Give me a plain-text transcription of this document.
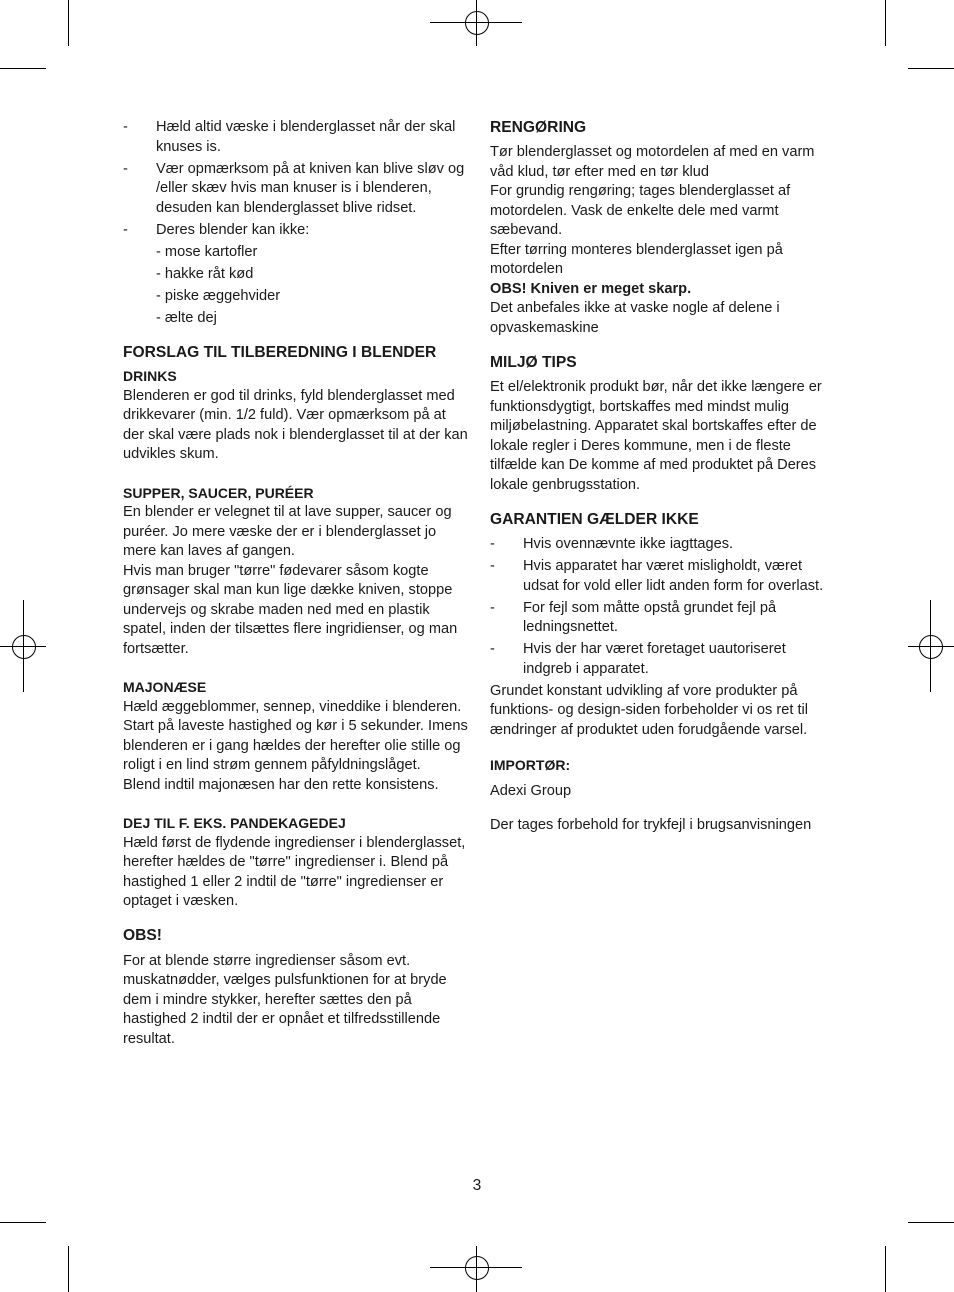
- Hæld altid væske i blenderglasset når der skal knuses is.
- Vær opmærksom på at kniven kan blive sløv og /eller skæv hvis man knuser is i blenderen, desuden kan blenderglasset blive ridset.
- Deres blender kan ikke:
- mose kartofler
- hakke råt kød
- piske æggehvider
- ælte dej
FORSLAG TIL TILBEREDNING I BLENDER
DRINKS

Blenderen er god til drinks, fyld blenderglasset med drikkevarer (min. 1/2 fuld). Vær opmærksom på at der skal være plads nok i blenderglasset til at der kan udvikles skum.

SUPPER, SAUCER, PURÉER

En blender er velegnet til at lave supper, saucer og puréer. Jo mere væske der er i blenderglasset jo mere kan laves af gangen.

Hvis man bruger "tørre" fødevarer såsom kogte grønsager skal man kun lige dække kniven, stoppe undervejs og skrabe maden ned med en plastik spatel, inden der tilsættes flere ingridienser, og man fortsætter.

MAJONÆSE

Hæld æggeblommer, sennep, vineddike i blenderen. Start på laveste hastighed og kør i 5 sekunder. Imens blenderen er i gang hældes der herefter olie stille og roligt i en lind strøm gennem påfyldningslåget.

Blend indtil majonæsen har den rette konsistens.

DEJ TIL F. EKS. PANDEKAGEDEJ

Hæld først de flydende ingredienser i blenderglasset, herefter hældes de "tørre" ingredienser i. Blend på hastighed 1 eller 2 indtil de "tørre" ingredienser er optaget i væsken.

OBS!

For at blende større ingredienser såsom evt. muskatnødder, vælges pulsfunktionen for at bryde dem i mindre stykker, herefter sættes den på hastighed 2 indtil der er opnået et tilfredsstillende resultat.

RENGØRING

Tør blenderglasset og motordelen af med en varm våd klud, tør efter med en tør klud

For grundig rengøring; tages blenderglasset af motordelen. Vask de enkelte dele med varmt sæbevand.

Efter tørring monteres blenderglasset igen på motordelen

OBS! Kniven er meget skarp.

Det anbefales ikke at vaske nogle af delene i opvaskemaskine

MILJØ TIPS

Et el/elektronik produkt bør, når det ikke længere er funktionsdygtigt, bortskaffes med mindst mulig miljøbelastning. Apparatet skal bortskaffes efter de lokale regler i Deres kommune, men i de fleste tilfælde kan De komme af med produktet på Deres lokale genbrugsstation.

GARANTIEN GÆLDER IKKE
- Hvis ovennævnte ikke iagttages.
- Hvis apparatet har været misligholdt, været udsat for vold eller lidt anden form for overlast.
- For fejl som måtte opstå grundet fejl på ledningsnettet.
- Hvis der har været foretaget uautoriseret indgreb i apparatet.

Grundet konstant udvikling af vore produkter på funktions- og design-siden forbeholder vi os ret til ændringer af produktet uden forudgående varsel.

IMPORTØR:

Adexi Group

Der tages forbehold for trykfejl i brugsanvisningen

3
